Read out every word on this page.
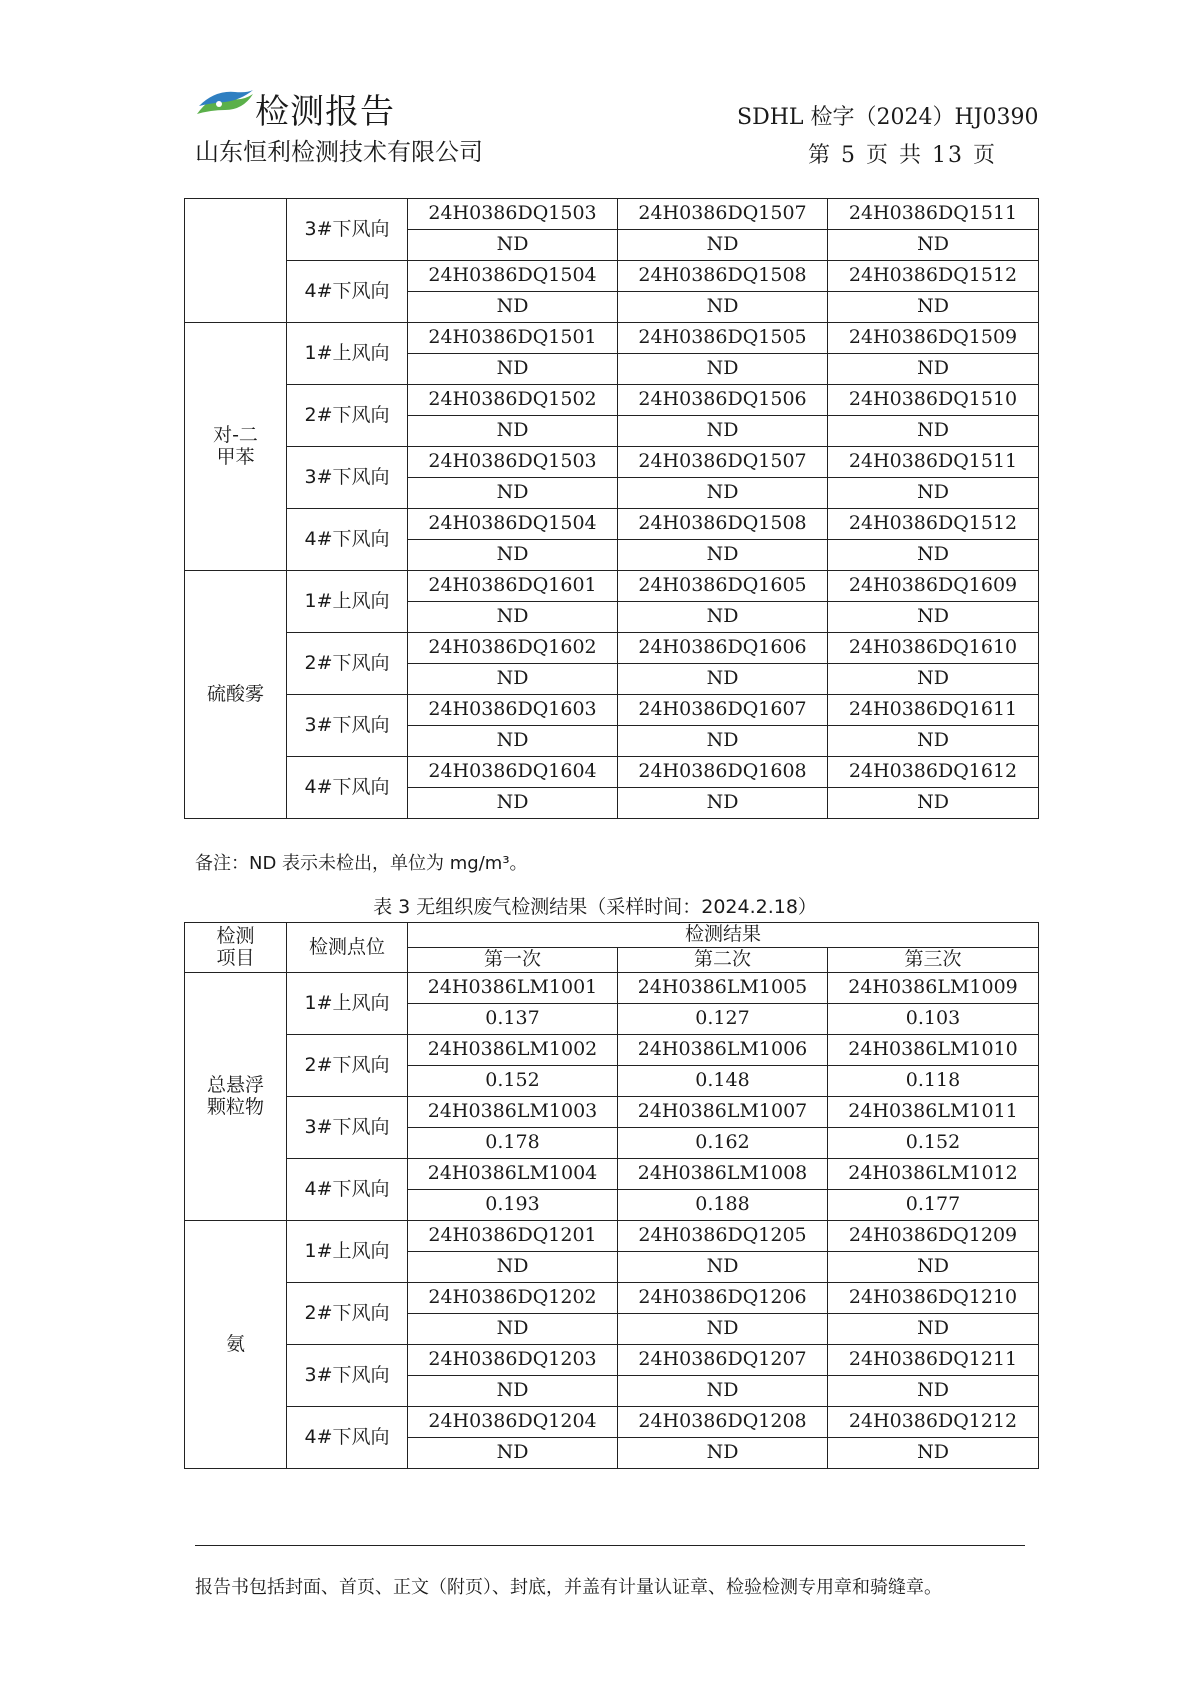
检测报告
山东恒利检测技术有限公司
SDHL 检字（2024）HJ0390
第 5 页 共 13 页
	3#下风向	24H0386DQ1503	24H0386DQ1507	24H0386DQ1511
		ND	ND	ND
	4#下风向	24H0386DQ1504	24H0386DQ1508	24H0386DQ1512
		ND	ND	ND
对-二甲苯	1#上风向	24H0386DQ1501	24H0386DQ1505	24H0386DQ1509
		ND	ND	ND
	2#下风向	24H0386DQ1502	24H0386DQ1506	24H0386DQ1510
		ND	ND	ND
	3#下风向	24H0386DQ1503	24H0386DQ1507	24H0386DQ1511
		ND	ND	ND
	4#下风向	24H0386DQ1504	24H0386DQ1508	24H0386DQ1512
		ND	ND	ND
硫酸雾	1#上风向	24H0386DQ1601	24H0386DQ1605	24H0386DQ1609
		ND	ND	ND
	2#下风向	24H0386DQ1602	24H0386DQ1606	24H0386DQ1610
		ND	ND	ND
	3#下风向	24H0386DQ1603	24H0386DQ1607	24H0386DQ1611
		ND	ND	ND
	4#下风向	24H0386DQ1604	24H0386DQ1608	24H0386DQ1612
		ND	ND	ND
备注：ND 表示未检出，单位为 mg/m³。
表 3 无组织废气检测结果（采样时间：2024.2.18）
检测项目	检测点位	检测结果		
		第一次	第二次	第三次
总悬浮颗粒物	1#上风向	24H0386LM1001	24H0386LM1005	24H0386LM1009
		0.137	0.127	0.103
	2#下风向	24H0386LM1002	24H0386LM1006	24H0386LM1010
		0.152	0.148	0.118
	3#下风向	24H0386LM1003	24H0386LM1007	24H0386LM1011
		0.178	0.162	0.152
	4#下风向	24H0386LM1004	24H0386LM1008	24H0386LM1012
		0.193	0.188	0.177
氨	1#上风向	24H0386DQ1201	24H0386DQ1205	24H0386DQ1209
		ND	ND	ND
	2#下风向	24H0386DQ1202	24H0386DQ1206	24H0386DQ1210
		ND	ND	ND
	3#下风向	24H0386DQ1203	24H0386DQ1207	24H0386DQ1211
		ND	ND	ND
	4#下风向	24H0386DQ1204	24H0386DQ1208	24H0386DQ1212
		ND	ND	ND
报告书包括封面、首页、正文（附页）、封底，并盖有计量认证章、检验检测专用章和骑缝章。
